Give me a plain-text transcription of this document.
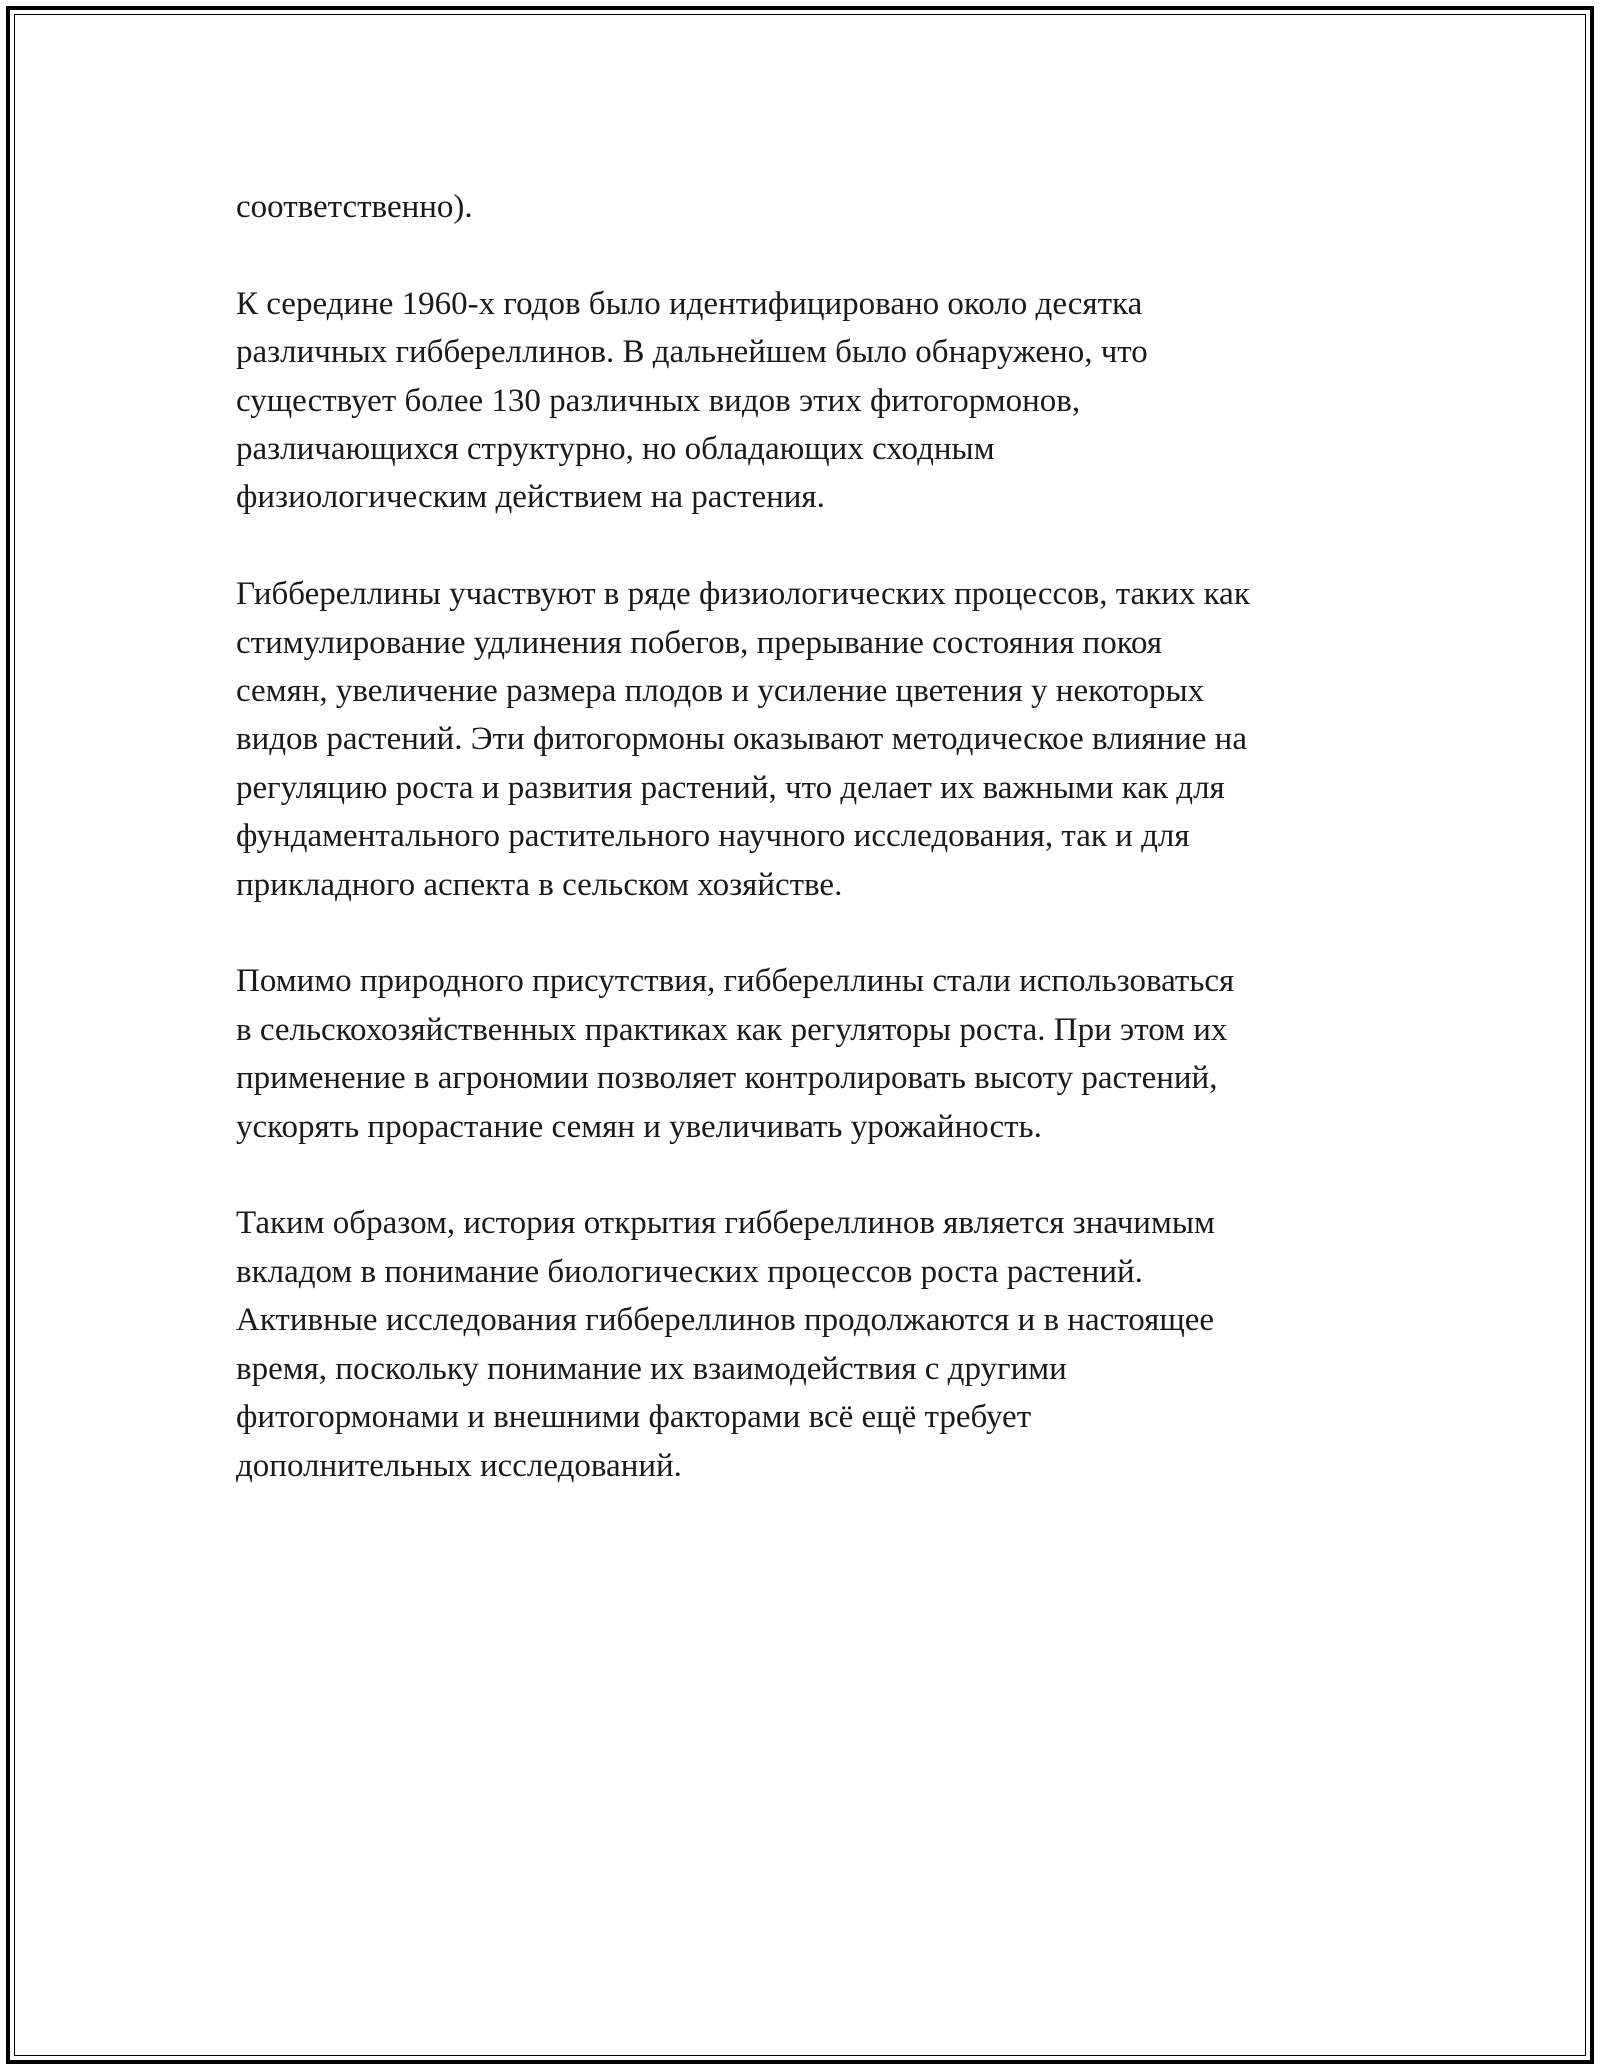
соответственно).

К середине 1960-х годов было идентифицировано около десятка
различных гиббереллинов. В дальнейшем было обнаружено, что
существует более 130 различных видов этих фитогормонов,
различающихся структурно, но обладающих сходным
физиологическим действием на растения.

Гиббереллины участвуют в ряде физиологических процессов, таких как
стимулирование удлинения побегов, прерывание состояния покоя
семян, увеличение размера плодов и усиление цветения у некоторых
видов растений. Эти фитогормоны оказывают методическое влияние на
регуляцию роста и развития растений, что делает их важными как для
фундаментального растительного научного исследования, так и для
прикладного аспекта в сельском хозяйстве.

Помимо природного присутствия, гиббереллины стали использоваться
в сельскохозяйственных практиках как регуляторы роста. При этом их
применение в агрономии позволяет контролировать высоту растений,
ускорять прорастание семян и увеличивать урожайность.

Таким образом, история открытия гиббереллинов является значимым
вкладом в понимание биологических процессов роста растений.
Активные исследования гиббереллинов продолжаются и в настоящее
время, поскольку понимание их взаимодействия с другими
фитогормонами и внешними факторами всё ещё требует
дополнительных исследований.
